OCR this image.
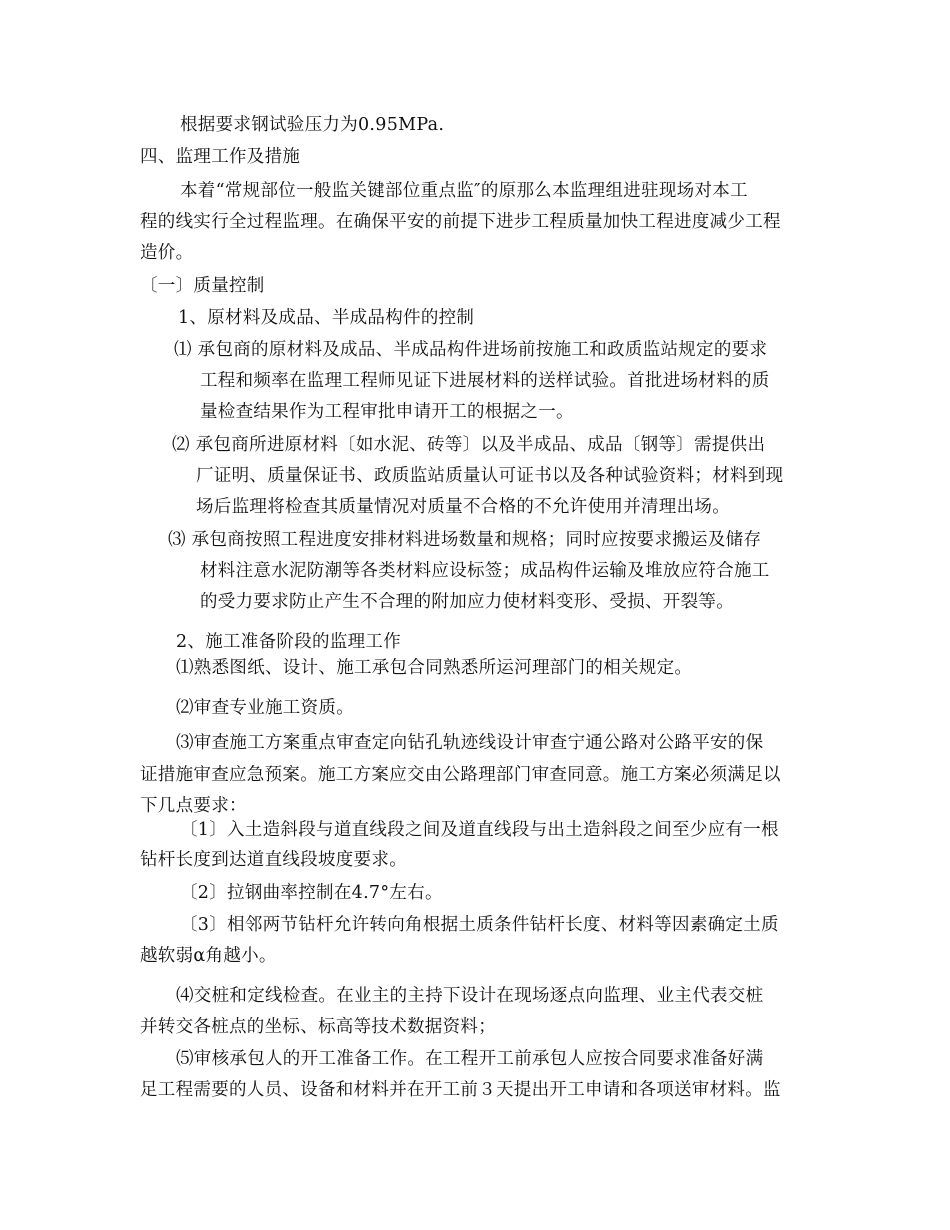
根据要求钢试验压力为0.95MPa.
四、监理工作及措施
本着“常规部位一般监关键部位重点监″的原那么本监理组进驻现场对本工
程的线实行全过程监理。在确保平安的前提下进步工程质量加快工程进度减少工程
造价。
〔一〕质量控制
1、原材料及成品、半成品构件的控制
⑴ 承包商的原材料及成品、半成品构件进场前按施工和政质监站规定的要求
工程和频率在监理工程师见证下进展材料的送样试验。首批进场材料的质
量检查结果作为工程审批申请开工的根据之一。
⑵ 承包商所进原材料〔如水泥、砖等〕以及半成品、成品〔钢等〕需提供出
厂证明、质量保证书、政质监站质量认可证书以及各种试验资料；材料到现
场后监理将检查其质量情况对质量不合格的不允许使用并清理出场。
⑶ 承包商按照工程进度安排材料进场数量和规格；同时应按要求搬运及储存
材料注意水泥防潮等各类材料应设标签；成品构件运输及堆放应符合施工
的受力要求防止产生不合理的附加应力使材料变形、受损、开裂等。
2、施工准备阶段的监理工作
⑴熟悉图纸、设计、施工承包合同熟悉所运河理部门的相关规定。
⑵审查专业施工资质。
⑶审查施工方案重点审查定向钻孔轨迹线设计审查宁通公路对公路平安的保
证措施审查应急预案。施工方案应交由公路理部门审查同意。施工方案必须满足以
下几点要求：
〔1〕入土造斜段与道直线段之间及道直线段与出土造斜段之间至少应有一根
钻杆长度到达道直线段坡度要求。
〔2〕拉钢曲率控制在4.7°左右。
〔3〕相邻两节钻杆允许转向角根据土质条件钻杆长度、材料等因素确定土质
越软弱α角越小。
⑷交桩和定线检查。在业主的主持下设计在现场逐点向监理、业主代表交桩
并转交各桩点的坐标、标高等技术数据资料；
⑸审核承包人的开工准备工作。在工程开工前承包人应按合同要求准备好满
足工程需要的人员、设备和材料并在开工前３天提出开工申请和各项送审材料。监
